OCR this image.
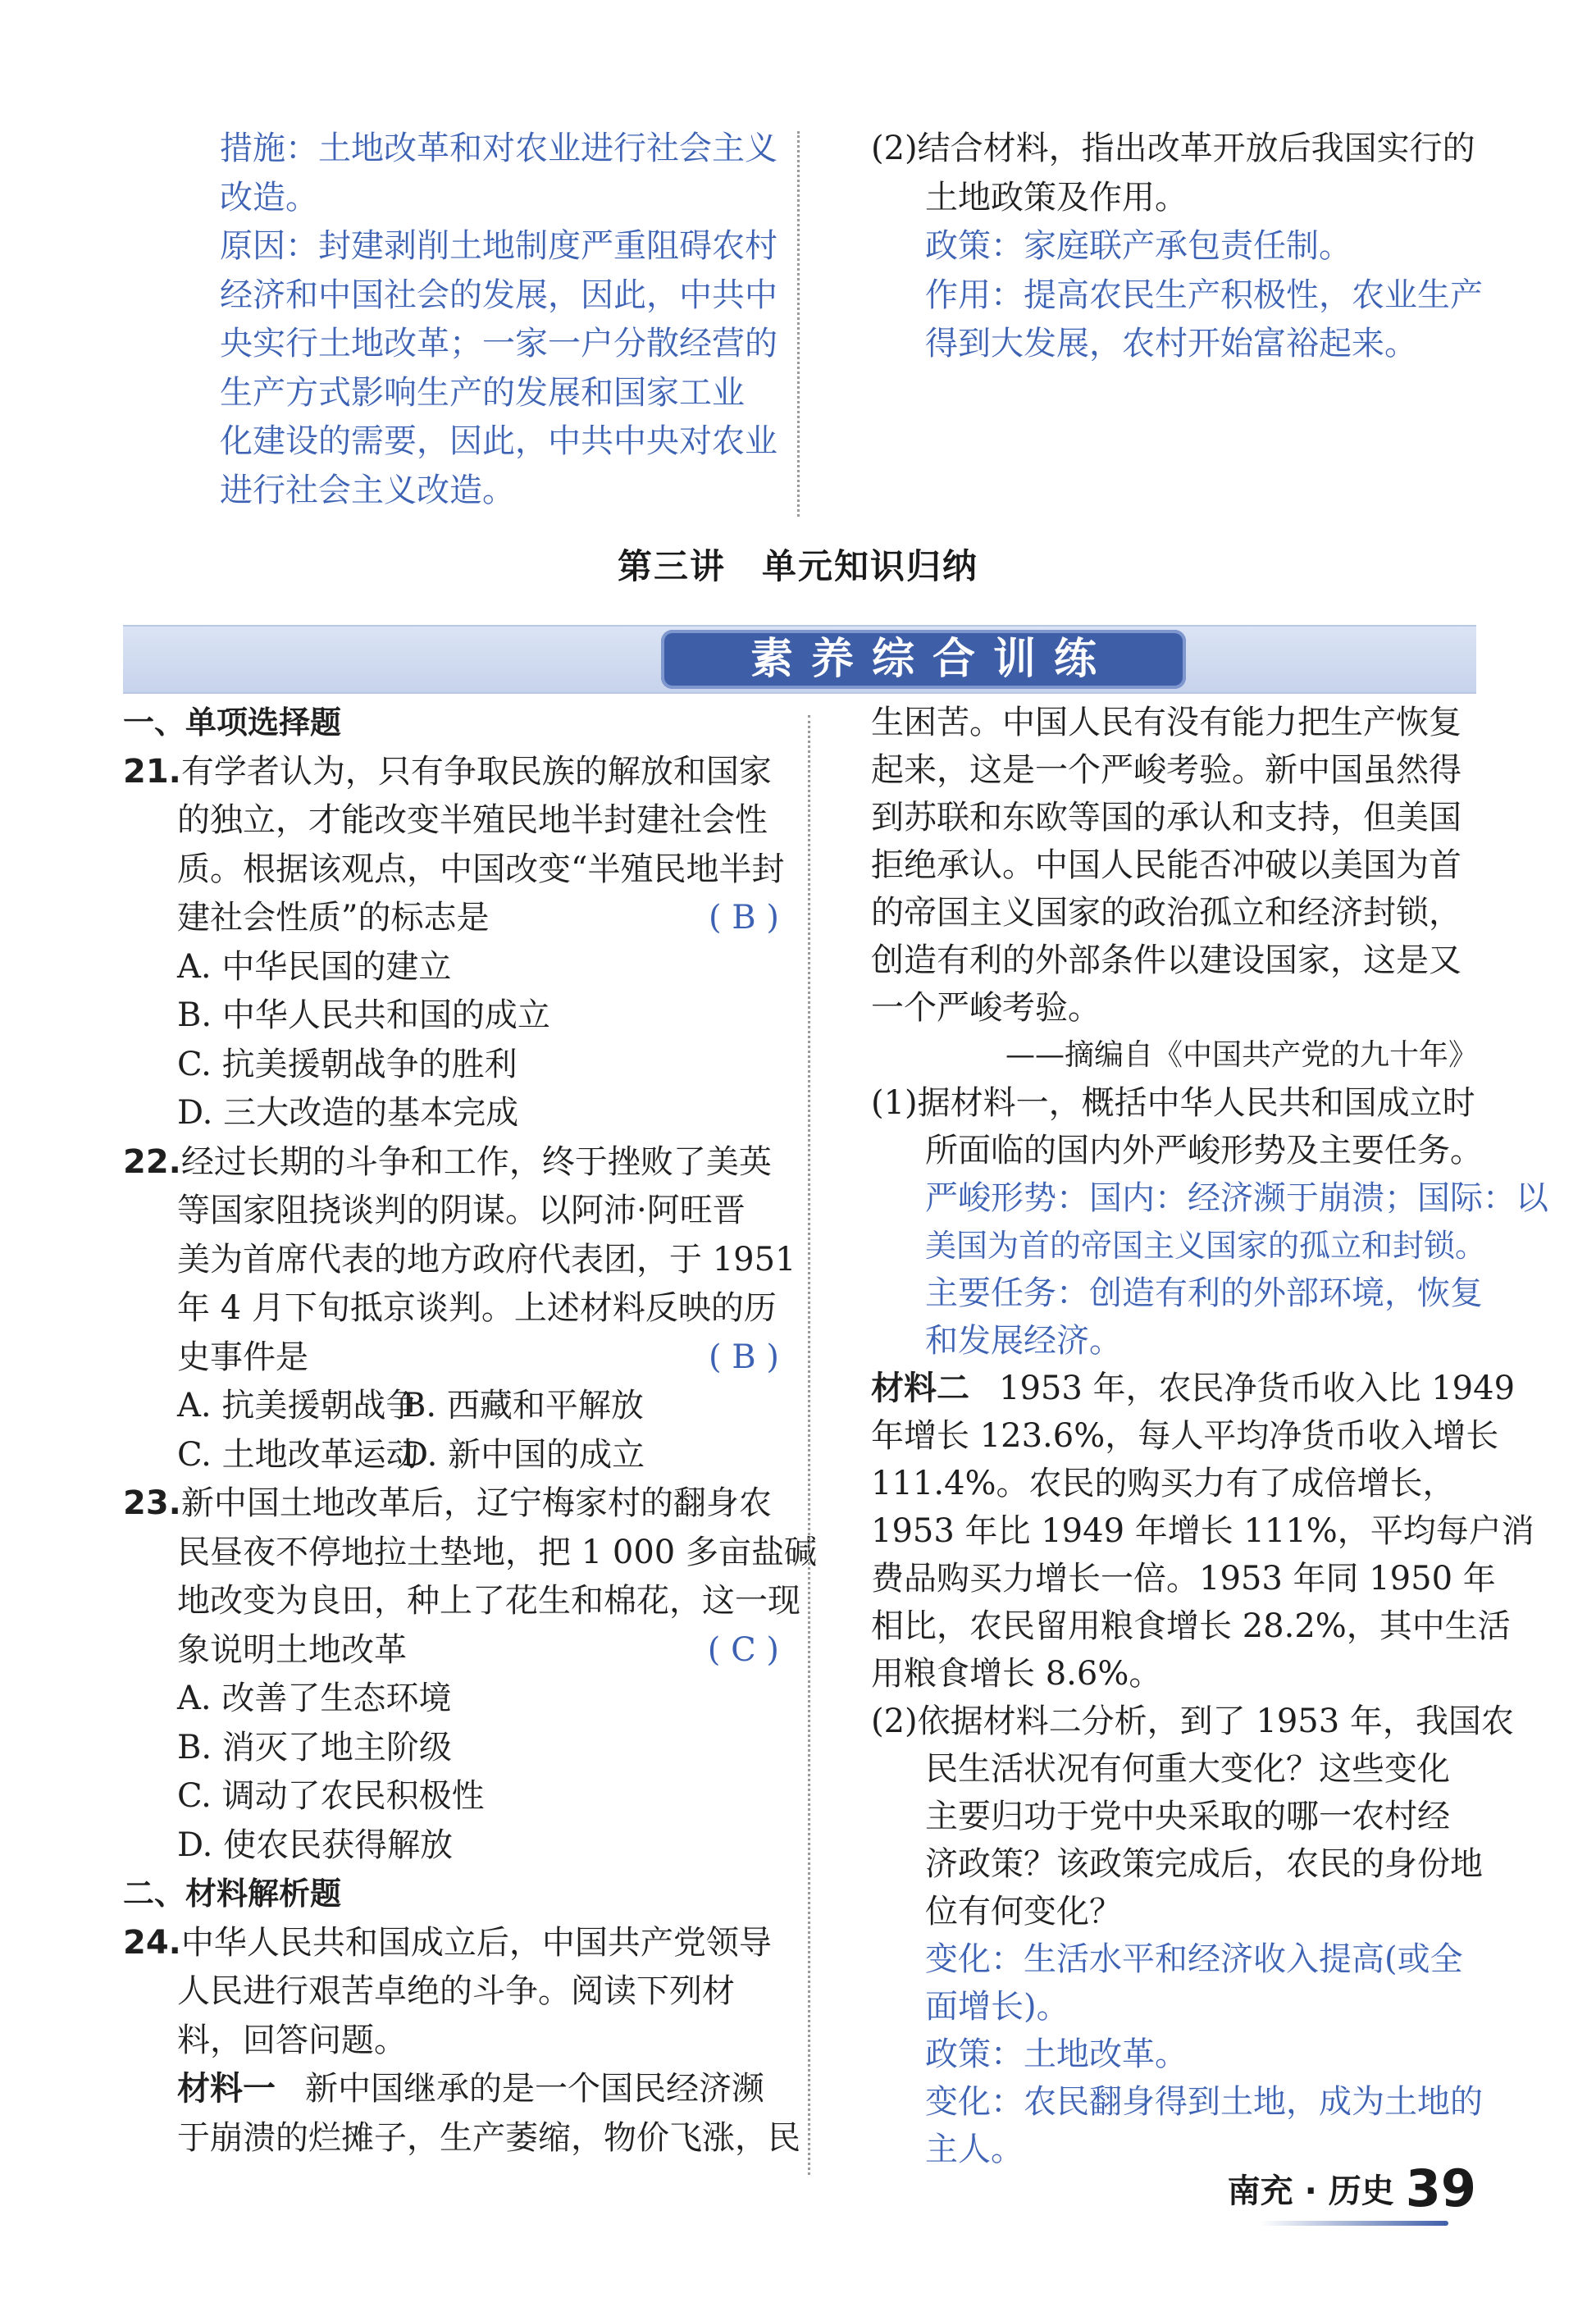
措施：土地改革和对农业进行社会主义
改造。
原因：封建剥削土地制度严重阻碍农村
经济和中国社会的发展，因此，中共中
央实行土地改革；一家一户分散经营的
生产方式影响生产的发展和国家工业
化建设的需要，因此，中共中央对农业
进行社会主义改造。
(2)结合材料，指出改革开放后我国实行的
土地政策及作用。
政策：家庭联产承包责任制。
作用：提高农民生产积极性，农业生产
得到大发展，农村开始富裕起来。
第三讲　单元知识归纳
素养综合训练
一、单项选择题
21.有学者认为，只有争取民族的解放和国家
的独立，才能改变半殖民地半封建社会性
质。根据该观点，中国改变“半殖民地半封
建社会性质”的标志是	( B )
A. 中华民国的建立
B. 中华人民共和国的成立
C. 抗美援朝战争的胜利
D. 三大改造的基本完成
22.经过长期的斗争和工作，终于挫败了美英
等国家阻挠谈判的阴谋。以阿沛·阿旺晋
美为首席代表的地方政府代表团，于 1951
年 4 月下旬抵京谈判。上述材料反映的历
史事件是	( B )
A. 抗美援朝战争
B. 西藏和平解放
C. 土地改革运动
D. 新中国的成立
23.新中国土地改革后，辽宁梅家村的翻身农
民昼夜不停地拉土垫地，把 1 000 多亩盐碱
地改变为良田，种上了花生和棉花，这一现
象说明土地改革	( C )
A. 改善了生态环境
B. 消灭了地主阶级
C. 调动了农民积极性
D. 使农民获得解放
二、材料解析题
24.中华人民共和国成立后，中国共产党领导
人民进行艰苦卓绝的斗争。阅读下列材
料，回答问题。
材料一 新中国继承的是一个国民经济濒
于崩溃的烂摊子，生产萎缩，物价飞涨，民
生困苦。中国人民有没有能力把生产恢复
起来，这是一个严峻考验。新中国虽然得
到苏联和东欧等国的承认和支持，但美国
拒绝承认。中国人民能否冲破以美国为首
的帝国主义国家的政治孤立和经济封锁，
创造有利的外部条件以建设国家，这是又
一个严峻考验。
——摘编自《中国共产党的九十年》
(1)据材料一，概括中华人民共和国成立时
所面临的国内外严峻形势及主要任务。
严峻形势：国内：经济濒于崩溃；国际：以
美国为首的帝国主义国家的孤立和封锁。
主要任务：创造有利的外部环境，恢复
和发展经济。
材料二 1953 年，农民净货币收入比 1949
年增长 123.6%，每人平均净货币收入增长
111.4%。农民的购买力有了成倍增长，
1953 年比 1949 年增长 111%，平均每户消
费品购买力增长一倍。1953 年同 1950 年
相比，农民留用粮食增长 28.2%，其中生活
用粮食增长 8.6%。
(2)依据材料二分析，到了 1953 年，我国农
民生活状况有何重大变化？这些变化
主要归功于党中央采取的哪一农村经
济政策？该政策完成后，农民的身份地
位有何变化？
变化：生活水平和经济收入提高(或全
面增长)。
政策：土地改革。
变化：农民翻身得到土地，成为土地的
主人。
南充 · 历史 39
